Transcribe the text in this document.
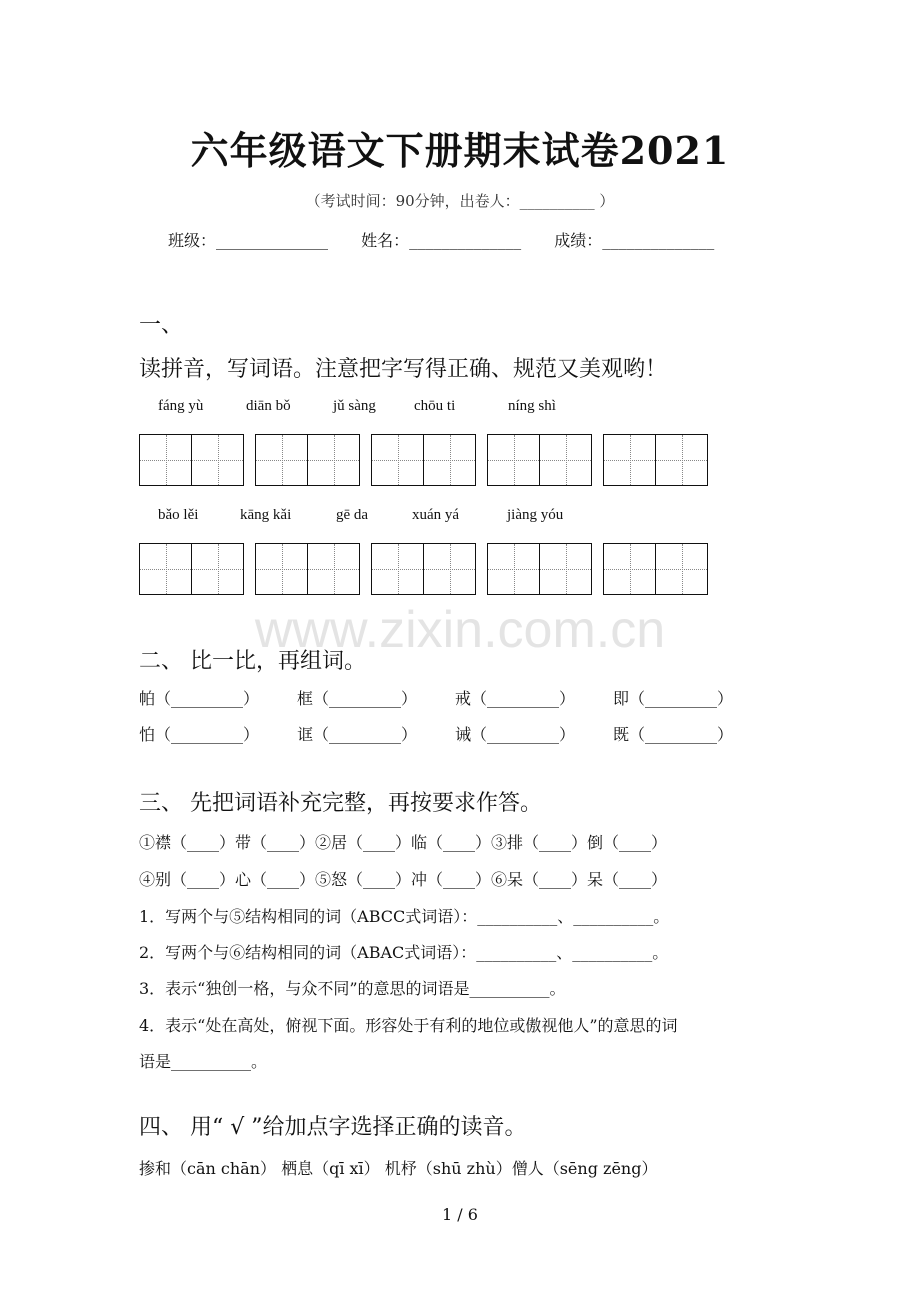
六年级语文下册期末试卷2021
（考试时间：90分钟，出卷人：__________ ）
班级：______________ 姓名：______________ 成绩：______________
一、
读拼音，写词语。注意把字写得正确、规范又美观哟！
fáng yù	diān bǒ	jǔ sàng	chōu ti	níng shì
bǎo lěi	kāng kǎi	gē da	xuán yá	jiàng yóu
www.zixin.com.cn
二、 比一比，再组词。
帕（_________）	框（_________）	戒（_________）	即（_________）
怕（_________）	诓（_________）	诫（_________）	既（_________）
三、 先把词语补充完整，再按要求作答。
①襟（____）带（____）②居（____）临（____）③排（____）倒（____）
④别（____）心（____）⑤怒（____）冲（____）⑥呆（____）呆（____）
1．写两个与⑤结构相同的词（ABCC式词语）：__________、__________。
2．写两个与⑥结构相同的词（ABAC式词语）：__________、__________。
3．表示“独创一格，与众不同”的意思的词语是__________。
4．表示“处在高处，俯视下面。形容处于有利的地位或傲视他人”的意思的词
语是__________。
四、 用“ √ ”给加点字选择正确的读音。
掺和（cān chān） 栖息（qī xī） 机杼（shū zhù）僧人（sēng zēng）
1 / 6
